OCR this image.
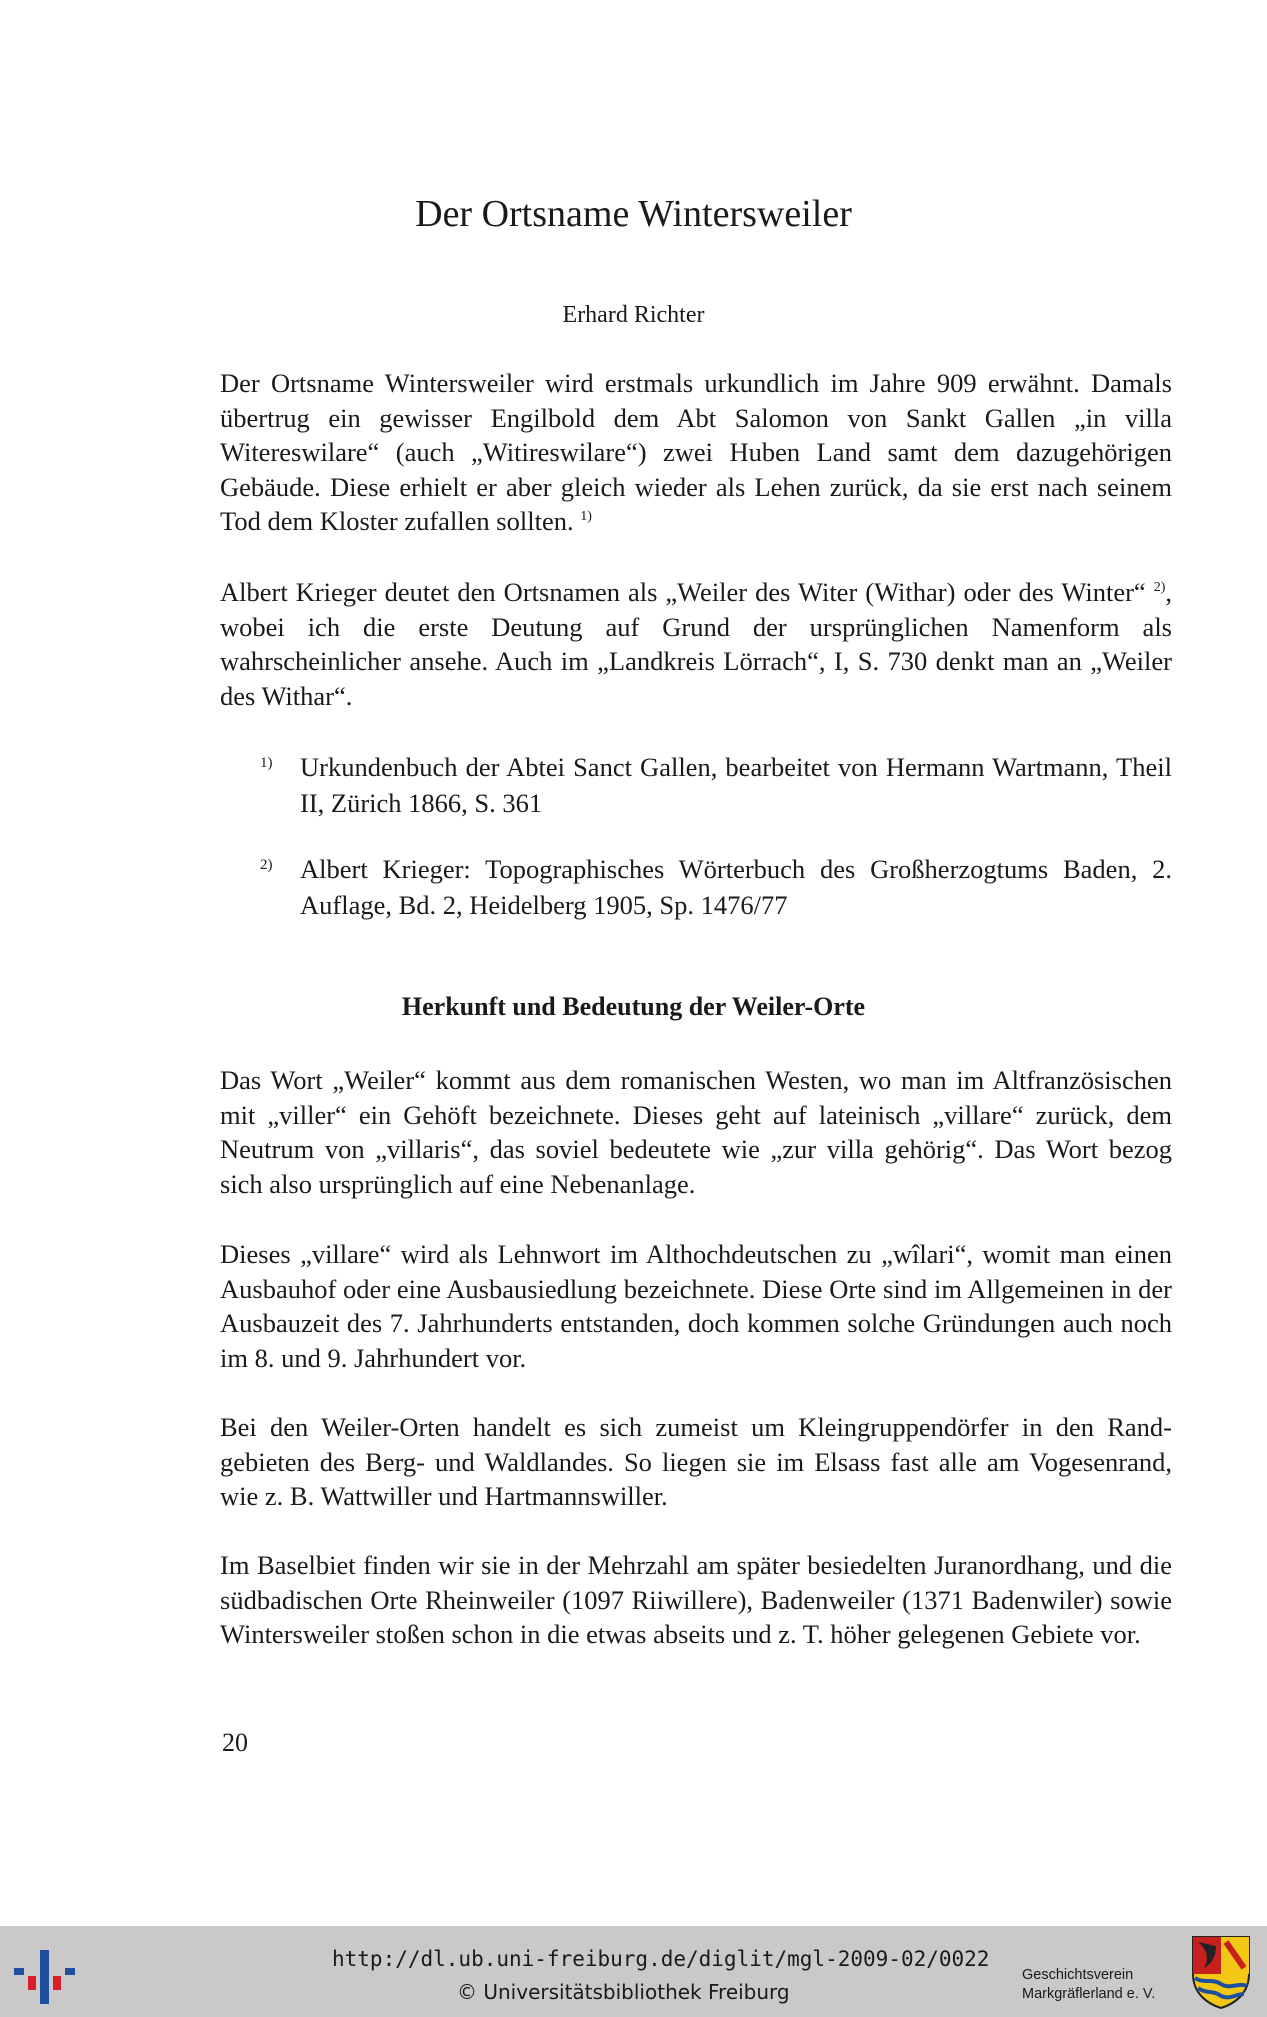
Der Ortsname Wintersweiler
Erhard Richter

Der Ortsname Wintersweiler wird erstmals urkundlich im Jahre 909 erwähnt. Damals übertrug ein gewisser Engilbold dem Abt Salomon von Sankt Gallen „in villa Witereswilare“ (auch „Witireswilare“) zwei Huben Land samt dem dazugehörigen Gebäude. Diese erhielt er aber gleich wieder als Lehen zurück, da sie erst nach seinem Tod dem Kloster zufallen sollten. $^{1)}$

Albert Krieger deutet den Ortsnamen als „Weiler des Witer (Withar) oder des Winter“ $^{2)}$, wobei ich die erste Deutung auf Grund der ursprünglichen Namenform als wahrscheinlicher ansehe. Auch im „Landkreis Lörrach“, I, S. 730 denkt man an „Weiler des Withar“.

1) Urkundenbuch der Abtei Sanct Gallen, bearbeitet von Hermann Wartmann, Theil II, Zürich 1866, S. 361
2) Albert Krieger: Topographisches Wörterbuch des Großherzogtums Baden, 2. Auflage, Bd. 2, Heidelberg 1905, Sp. 1476/77
Herkunft und Bedeutung der Weiler-Orte

Das Wort „Weiler“ kommt aus dem romanischen Westen, wo man im Altfranzösischen mit „viller“ ein Gehöft bezeichnete. Dieses geht auf lateinisch „villare“ zurück, dem Neutrum von „villaris“, das soviel bedeutete wie „zur villa gehörig“. Das Wort bezog sich also ursprünglich auf eine Nebenanlage.

Dieses „villare“ wird als Lehnwort im Althochdeutschen zu „wîlari“, womit man einen Ausbauhof oder eine Ausbausiedlung bezeichnete. Diese Orte sind im Allgemeinen in der Ausbauzeit des 7. Jahrhunderts entstanden, doch kommen solche Gründungen auch noch im 8. und 9. Jahrhundert vor.

Bei den Weiler-Orten handelt es sich zumeist um Kleingruppendörfer in den Randgebieten des Berg- und Waldlandes. So liegen sie im Elsass fast alle am Vogesenrand, wie z. B. Wattwiller und Hartmannswiller.

Im Baselbiet finden wir sie in der Mehrzahl am später besiedelten Juranordhang, und die südbadischen Orte Rheinweiler (1097 Riiwillere), Badenweiler (1371 Badenwiler) sowie Wintersweiler stoßen schon in die etwas abseits und z. T. höher gelegenen Gebiete vor.

20
http://dl.ub.uni-freiburg.de/diglit/mgl-2009-02/0022
© Universitätsbibliothek Freiburg
Geschichtsverein
Markgräflerland e. V.
